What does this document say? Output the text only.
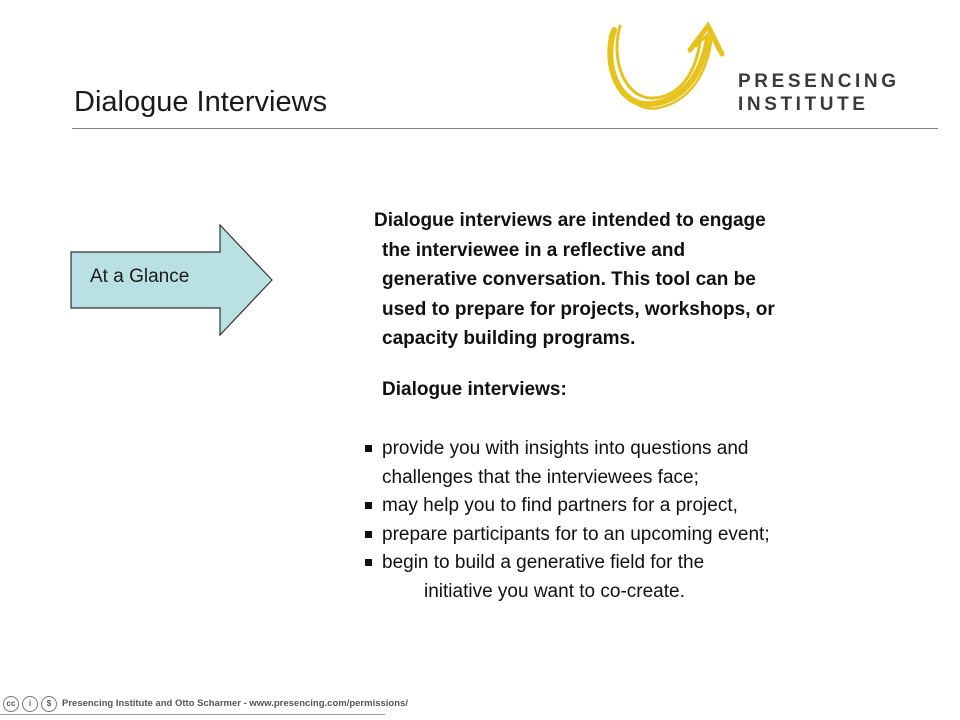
Dialogue Interviews
PRESENCING
INSTITUTE
At a Glance

Dialogue interviews are intended to engage

the interviewee in a reflective and

generative conversation. This tool can be

used to prepare for projects, workshops, or

capacity building programs.

Dialogue interviews:
provide you with insights into questions and
challenges that the interviewees face;
may help you to find partners for a project,
prepare participants for to an upcoming event;
begin to build a generative field for the

initiative you want to co-create.
cc	i	$	Presencing Institute and Otto Scharmer - www.presencing.com/permissions/
